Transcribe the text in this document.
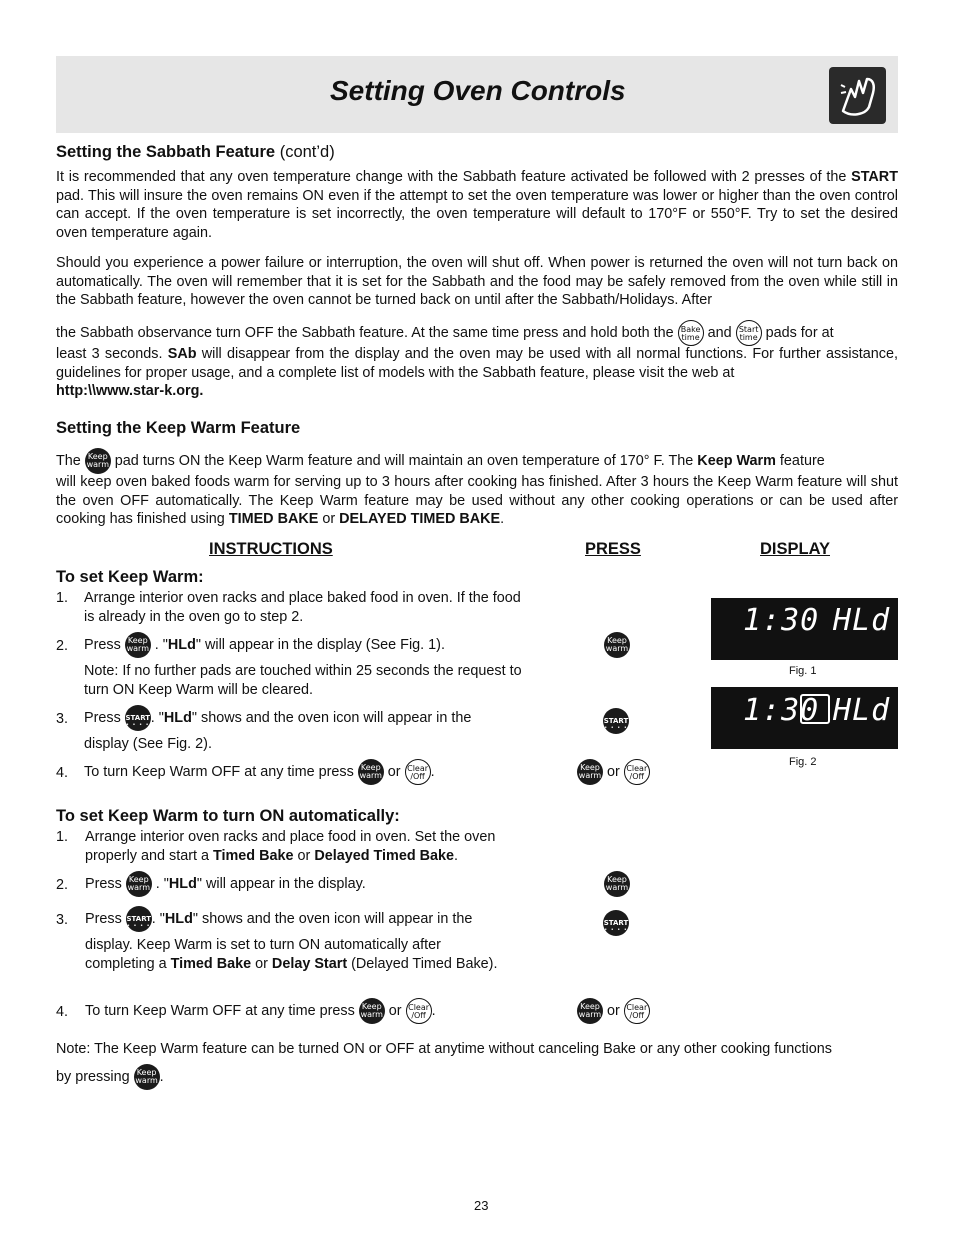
Setting Oven Controls
Setting the Sabbath Feature (cont’d)

It is recommended that any oven temperature change with the Sabbath feature activated be followed with 2 presses of the START pad. This will insure the oven remains ON even if the attempt to set the oven temperature was lower or higher than the oven control can accept. If the oven temperature is set incorrectly, the oven temperature will default to 170°F or 550°F. Try to set the desired oven temperature again.

Should you experience a power failure or interruption, the oven will shut off. When power is returned the oven will not turn back on automatically. The oven will remember that it is set for the Sabbath and the food may be safely removed from the oven while still in the Sabbath feature, however the oven cannot be turned back on until after the Sabbath/Holidays. After

the Sabbath observance turn OFF the Sabbath feature. At the same time press and hold both the Bake
time and Start
time pads for at

least 3 seconds. SAb will disappear from the display and the oven may be used with all normal functions. For further assistance, guidelines for proper usage, and a complete list of models with the Sabbath feature, please visit the web at
http:\\www.star-k.org.

Setting the Keep Warm Feature

The Keep
warm pad turns ON the Keep Warm feature and will maintain an oven temperature of 170° F. The Keep Warm feature

will keep oven baked foods warm for serving up to 3 hours after cooking has finished. After 3 hours the Keep Warm feature will shut the oven OFF automatically. The Keep Warm feature may be used without any other cooking operations or can be used after cooking has finished using TIMED BAKE or DELAYED TIMED BAKE.

INSTRUCTIONS	PRESS	DISPLAY
To set Keep Warm:
1. Arrange interior oven racks and place baked food in oven. If the food is already in the oven go to step 2.
2. Press Keep
warm . "HLd" will appear in the display (See Fig. 1).
Note: If no further pads are touched within 25 seconds the request to turn ON Keep Warm will be cleared.
3. Press START
• • • • . "HLd" shows and the oven icon will appear in the
display (See Fig. 2).
4. To turn Keep Warm OFF at any time press Keep
warm or Clear
/Off .
Keep
warm
START
• • • •
Keep
warm or Clear
/Off
1:30 HLd
Fig. 1
1:30 HLd
Fig. 2
To set Keep Warm to turn ON automatically:
1. Arrange interior oven racks and place food in oven. Set the oven properly and start a Timed Bake or Delayed Timed Bake.
2. Press Keep
warm . "HLd" will appear in the display.
3. Press START
• • • • . "HLd" shows and the oven icon will appear in the
display. Keep Warm is set to turn ON automatically after completing a Timed Bake or Delay Start (Delayed Timed Bake).
4. To turn Keep Warm OFF at any time press Keep
warm or Clear
/Off .
Keep
warm
START
• • • •
Keep
warm or Clear
/Off

Note: The Keep Warm feature can be turned ON or OFF at anytime without canceling Bake or any other cooking functions

by pressing Keep
warm .

23
